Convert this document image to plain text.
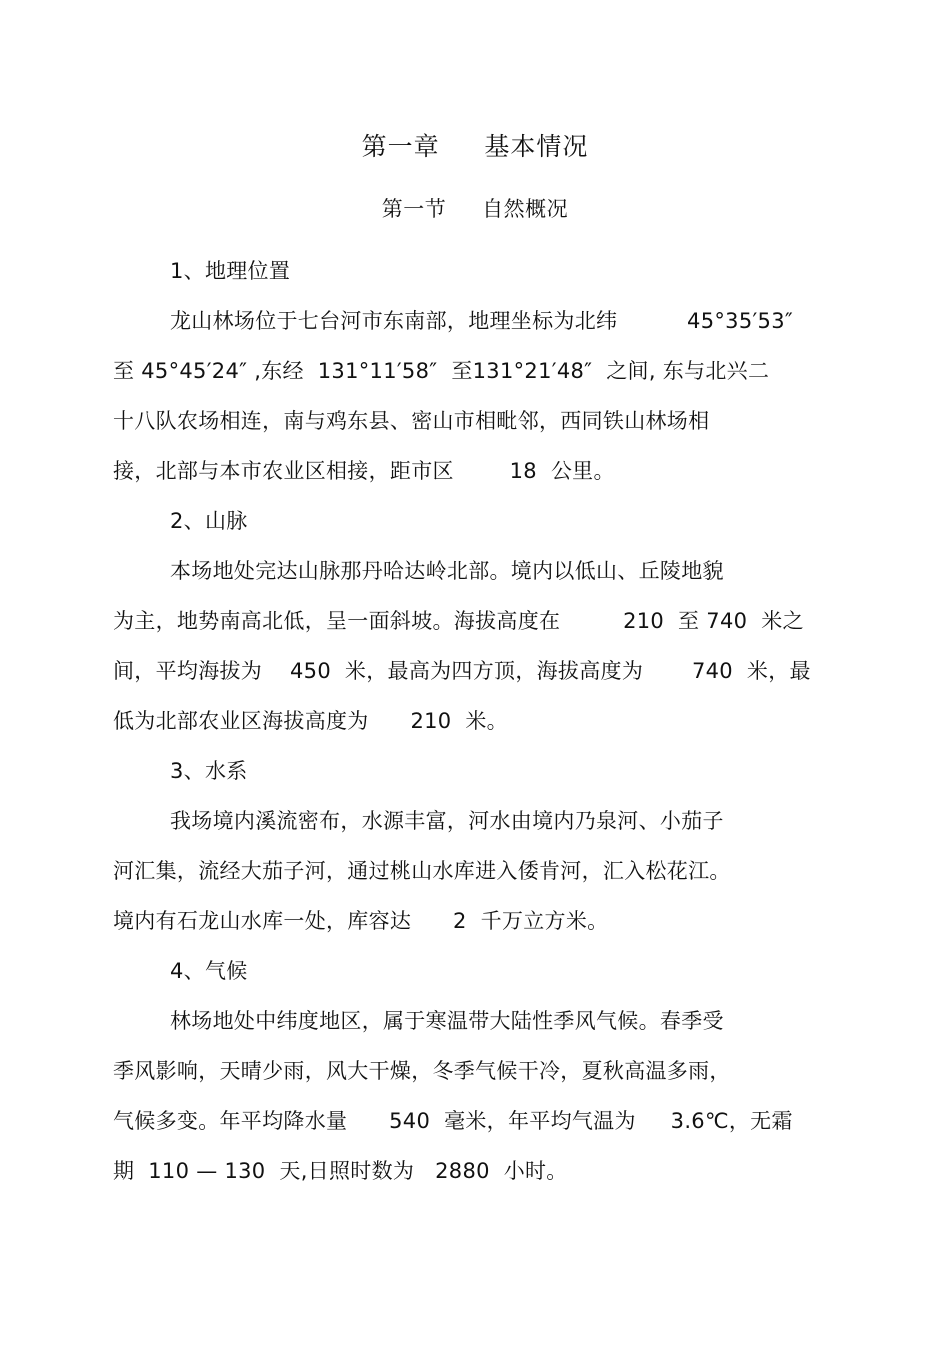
第一章     基本情况
第一节     自然概况
1、地理位置
龙山林场位于七台河市东南部，地理坐标为北纬          45°35′53″
至 45°45′24″ ,东经  131°11′58″  至131°21′48″  之间, 东与北兴二
十八队农场相连，南与鸡东县、密山市相毗邻，西同铁山林场相
接，北部与本市农业区相接，距市区        18  公里。
2、山脉
本场地处完达山脉那丹哈达岭北部。境内以低山、丘陵地貌
为主，地势南高北低，呈一面斜坡。海拔高度在         210  至 740  米之
间，平均海拔为    450  米，最高为四方顶，海拔高度为       740  米，最
低为北部农业区海拔高度为      210  米。
3、水系
我场境内溪流密布，水源丰富，河水由境内乃泉河、小茄子
河汇集，流经大茄子河，通过桃山水库进入倭肯河，汇入松花江。
境内有石龙山水库一处，库容达      2  千万立方米。
4、气候
林场地处中纬度地区，属于寒温带大陆性季风气候。春季受
季风影响，天晴少雨，风大干燥，冬季气候干冷，夏秋高温多雨，
气候多变。年平均降水量      540  毫米，年平均气温为     3.6℃，无霜
期  110 — 130  天,日照时数为   2880  小时。
